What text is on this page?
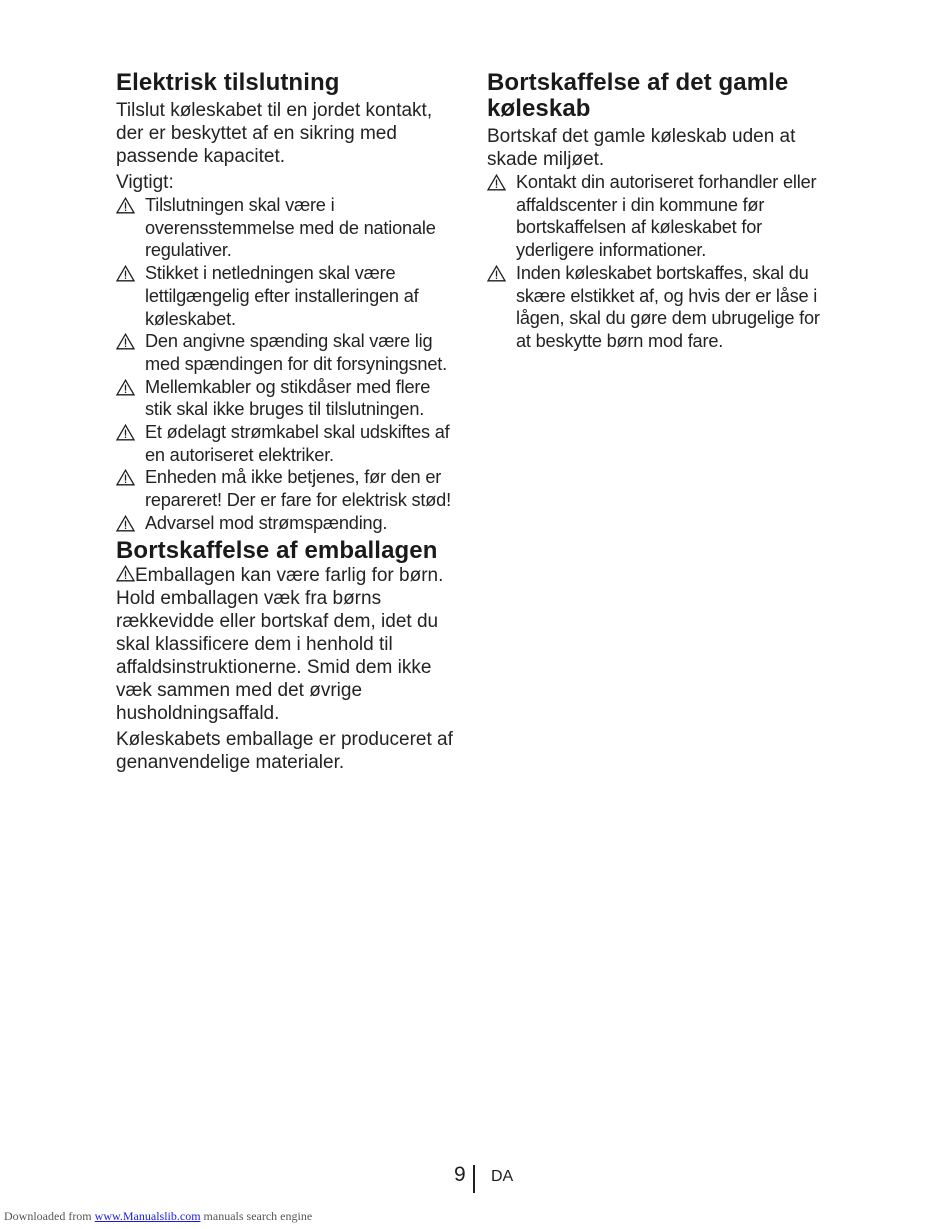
Elektrisk tilslutning

Tilslut køleskabet til en jordet kontakt, der er beskyttet af en sikring med passende kapacitet.

Vigtigt:

Tilslutningen skal være i overensstemmelse med de nationale regulativer.
Stikket i netledningen skal være lettilgængelig efter installeringen af køleskabet.
Den angivne spænding skal være lig med spændingen for dit forsyningsnet.
Mellemkabler og stikdåser med flere stik skal ikke bruges til tilslutningen.
Et ødelagt strømkabel skal udskiftes af en autoriseret elektriker.
Enheden må ikke betjenes, før den er repareret! Der er fare for elektrisk stød!
Advarsel mod strømspænding.
Bortskaffelse af emballagen

Emballagen kan være farlig for børn. Hold emballagen væk fra børns rækkevidde eller bortskaf dem, idet du skal klassificere dem i henhold til affaldsinstruktionerne. Smid dem ikke væk sammen med det øvrige husholdningsaffald.

Køleskabets emballage er produceret af genanvendelige materialer.

Bortskaffelse af det gamle køleskab

Bortskaf det gamle køleskab uden at skade miljøet.

Kontakt din autoriseret forhandler eller affaldscenter i din kommune før bortskaffelsen af køleskabet for yderligere informationer.
Inden køleskabet bortskaffes, skal du skære elstikket af, og hvis der er låse i lågen, skal du gøre dem ubrugelige for at beskytte børn mod fare.
9 DA
Downloaded from www.Manualslib.com manuals search engine
